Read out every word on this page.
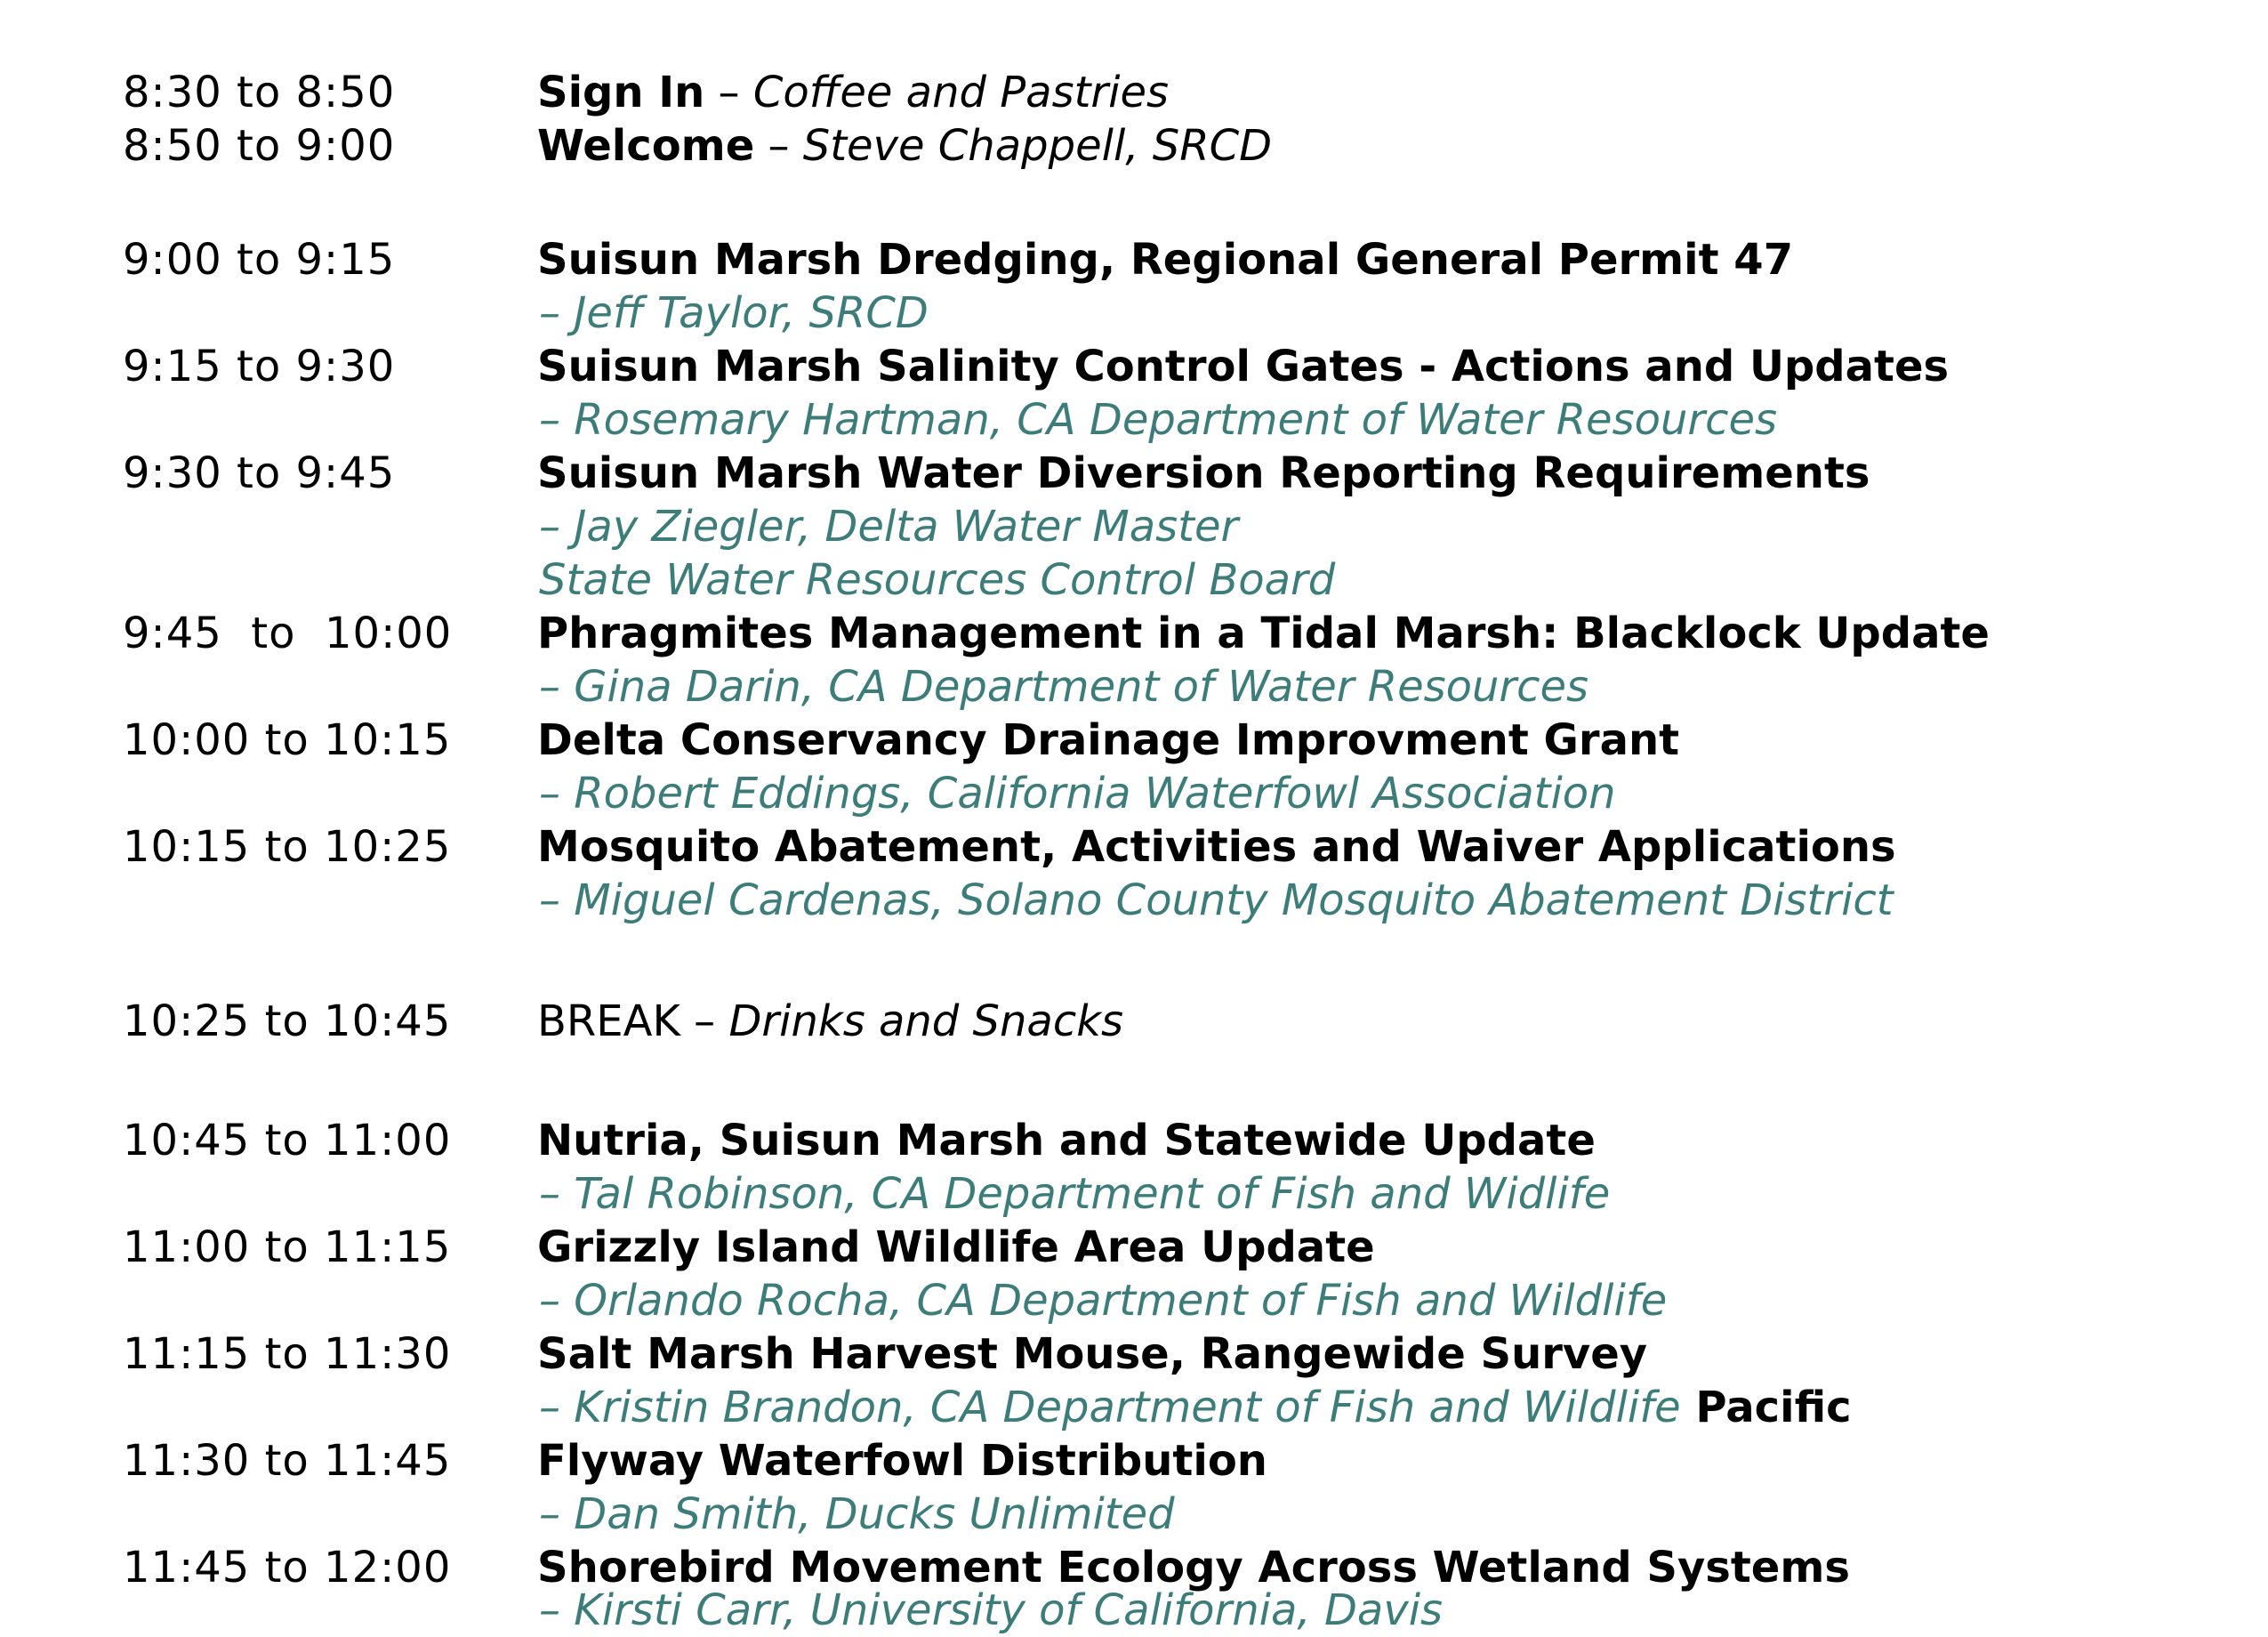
8:30 to 8:50	Sign In – Coffee and Pastries
8:50 to 9:00	Welcome – Steve Chappell, SRCD
9:00 to 9:15	Suisun Marsh Dredging, Regional General Permit 47
– Jeff Taylor, SRCD
9:15 to 9:30	Suisun Marsh Salinity Control Gates - Actions and Updates
– Rosemary Hartman, CA Department of Water Resources
9:30 to 9:45	Suisun Marsh Water Diversion Reporting Requirements
– Jay Ziegler, Delta Water Master
State Water Resources Control Board
9:45  to  10:00 Phragmites Management in a Tidal Marsh: Blacklock Update
– Gina Darin, CA Department of Water Resources
10:00 to 10:15 Delta Conservancy Drainage Improvment Grant
– Robert Eddings, California Waterfowl Association
10:15 to 10:25 Mosquito Abatement, Activities and Waiver Applications
– Miguel Cardenas, Solano County Mosquito Abatement District
10:25 to 10:45 BREAK – Drinks and Snacks
10:45 to 11:00 Nutria, Suisun Marsh and Statewide Update
– Tal Robinson, CA Department of Fish and Widlife
11:00 to 11:15 Grizzly Island Wildlife Area Update
– Orlando Rocha, CA Department of Fish and Wildlife
11:15 to 11:30 Salt Marsh Harvest Mouse, Rangewide Survey
– Kristin Brandon, CA Department of Fish and Wildlife Pacific
11:30 to 11:45 Flyway Waterfowl Distribution
– Dan Smith, Ducks Unlimited
11:45 to 12:00 Shorebird Movement Ecology Across Wetland Systems
– Kirsti Carr, University of California, Davis
